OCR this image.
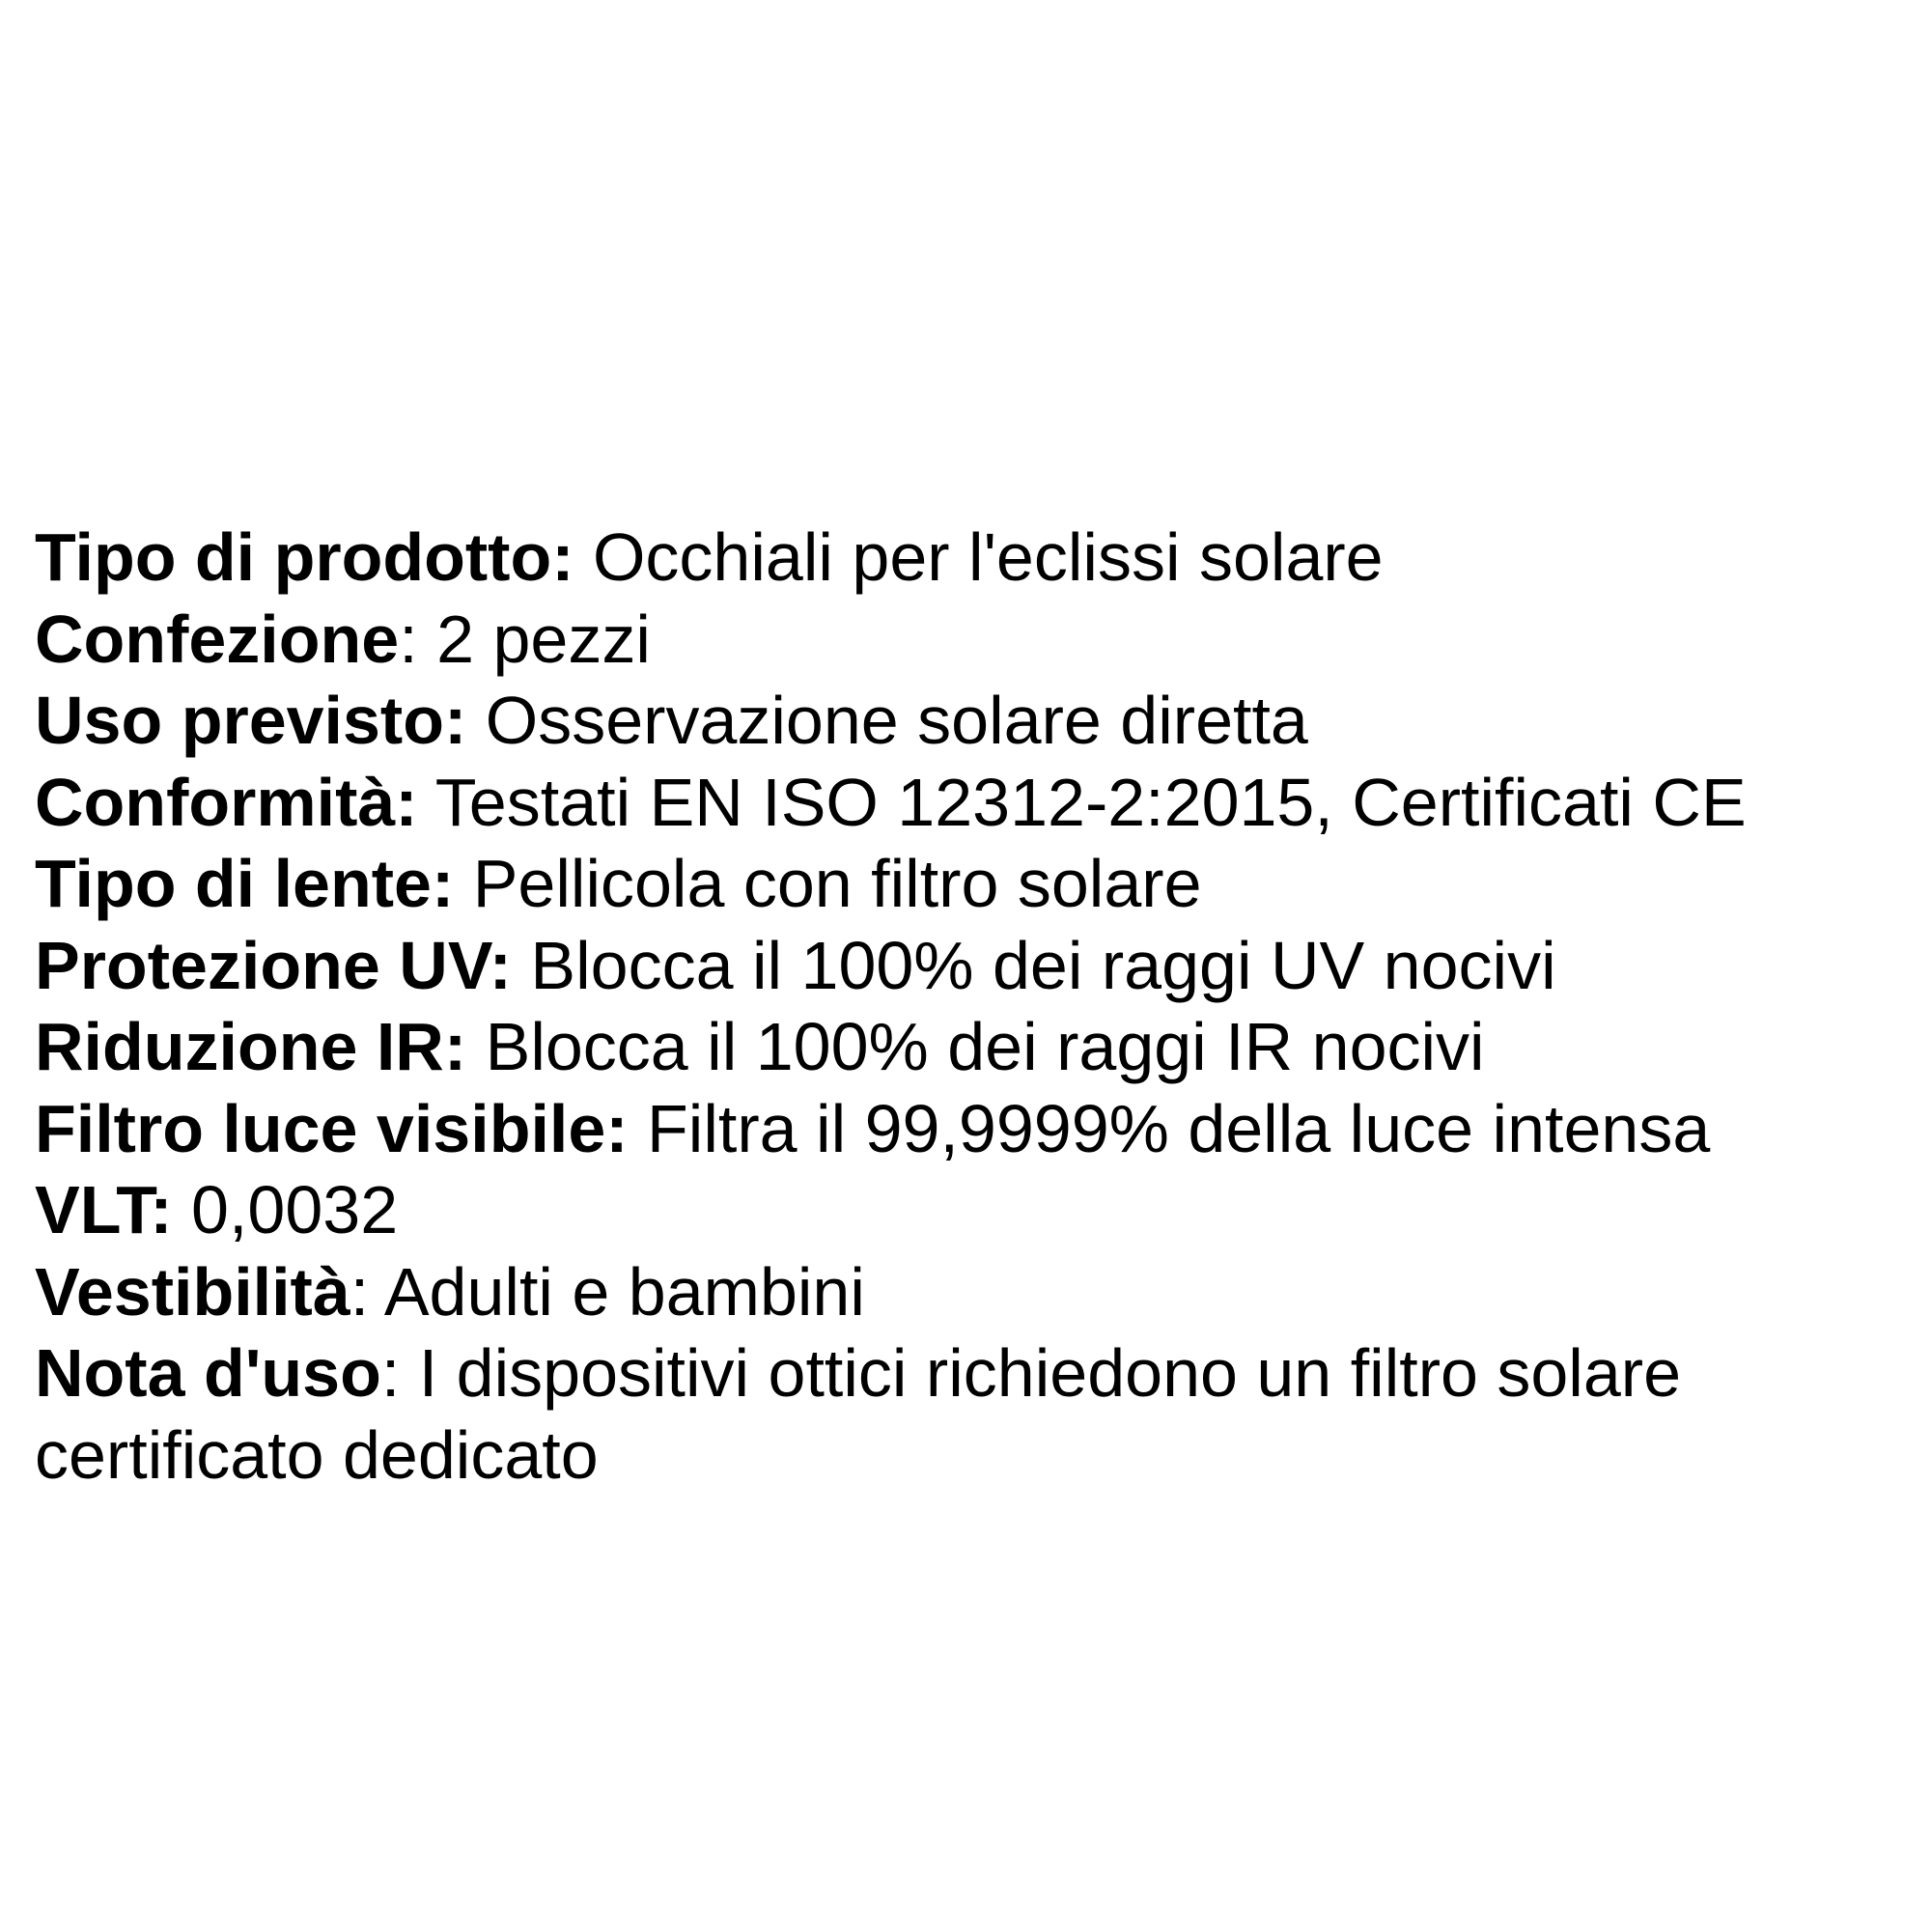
Tipo di prodotto: Occhiali per l'eclissi solare
Confezione: 2 pezzi
Uso previsto: Osservazione solare diretta
Conformità: Testati EN ISO 12312-2:2015, Certificati CE
Tipo di lente: Pellicola con filtro solare
Protezione UV: Blocca il 100% dei raggi UV nocivi
Riduzione IR: Blocca il 100% dei raggi IR nocivi
Filtro luce visibile: Filtra il 99,9999% della luce intensa
VLT: 0,0032
Vestibilità: Adulti e bambini
Nota d'uso: I dispositivi ottici richiedono un filtro solare certificato dedicato
